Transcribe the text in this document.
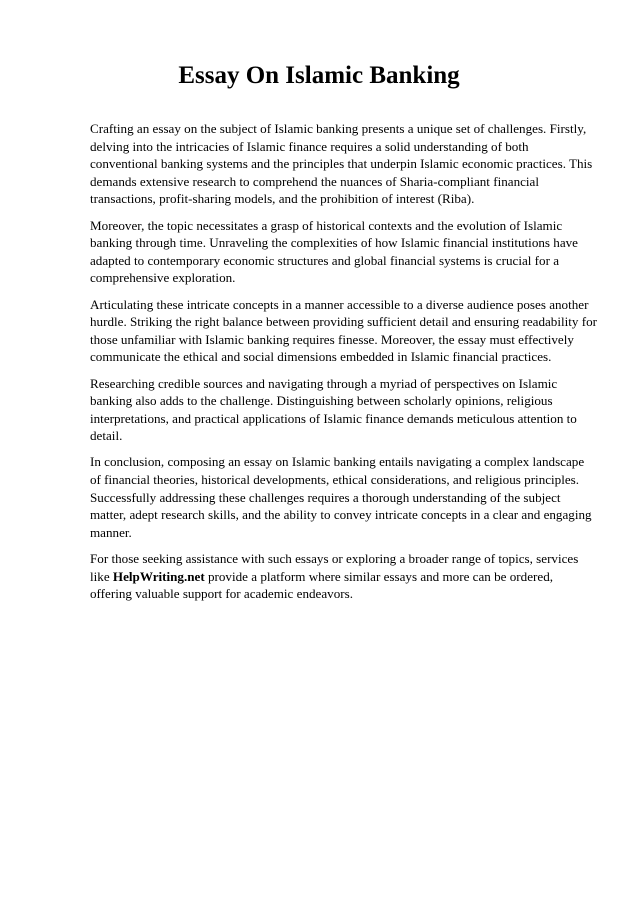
Essay On Islamic Banking

Crafting an essay on the subject of Islamic banking presents a unique set of challenges. Firstly, delving into the intricacies of Islamic finance requires a solid understanding of both conventional banking systems and the principles that underpin Islamic economic practices. This demands extensive research to comprehend the nuances of Sharia-compliant financial transactions, profit-sharing models, and the prohibition of interest (Riba).

Moreover, the topic necessitates a grasp of historical contexts and the evolution of Islamic banking through time. Unraveling the complexities of how Islamic financial institutions have adapted to contemporary economic structures and global financial systems is crucial for a comprehensive exploration.

Articulating these intricate concepts in a manner accessible to a diverse audience poses another hurdle. Striking the right balance between providing sufficient detail and ensuring readability for those unfamiliar with Islamic banking requires finesse. Moreover, the essay must effectively communicate the ethical and social dimensions embedded in Islamic financial practices.

Researching credible sources and navigating through a myriad of perspectives on Islamic banking also adds to the challenge. Distinguishing between scholarly opinions, religious interpretations, and practical applications of Islamic finance demands meticulous attention to detail.

In conclusion, composing an essay on Islamic banking entails navigating a complex landscape of financial theories, historical developments, ethical considerations, and religious principles. Successfully addressing these challenges requires a thorough understanding of the subject matter, adept research skills, and the ability to convey intricate concepts in a clear and engaging manner.

For those seeking assistance with such essays or exploring a broader range of topics, services like HelpWriting.net provide a platform where similar essays and more can be ordered, offering valuable support for academic endeavors.
